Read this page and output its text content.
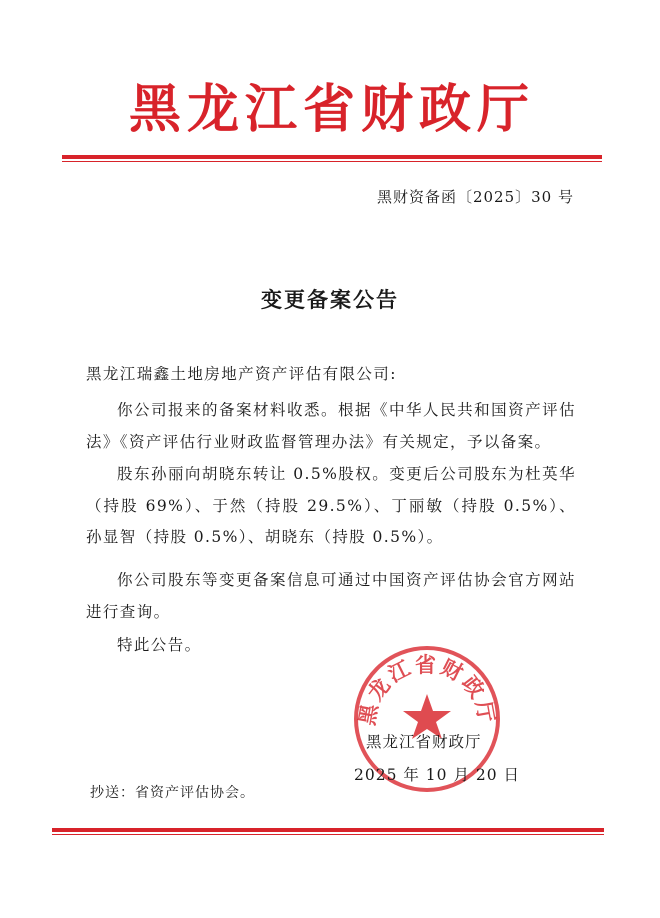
黑龙江省财政厅
黑财资备函〔2025〕30 号
变更备案公告
黑龙江瑞鑫土地房地产资产评估有限公司:
你公司报来的备案材料收悉。根据《中华人民共和国资产评估法》《资产评估行业财政监督管理办法》有关规定，予以备案。
股东孙丽向胡晓东转让 0.5%股权。变更后公司股东为杜英华（持股 69%）、于然（持股 29.5%）、丁丽敏（持股 0.5%）、孙显智（持股 0.5%）、胡晓东（持股 0.5%）。
你公司股东等变更备案信息可通过中国资产评估协会官方网站进行查询。
特此公告。
黑龙江省财政厅
黑龙江省财政厅
2025 年 10 月 20 日
抄送：省资产评估协会。
